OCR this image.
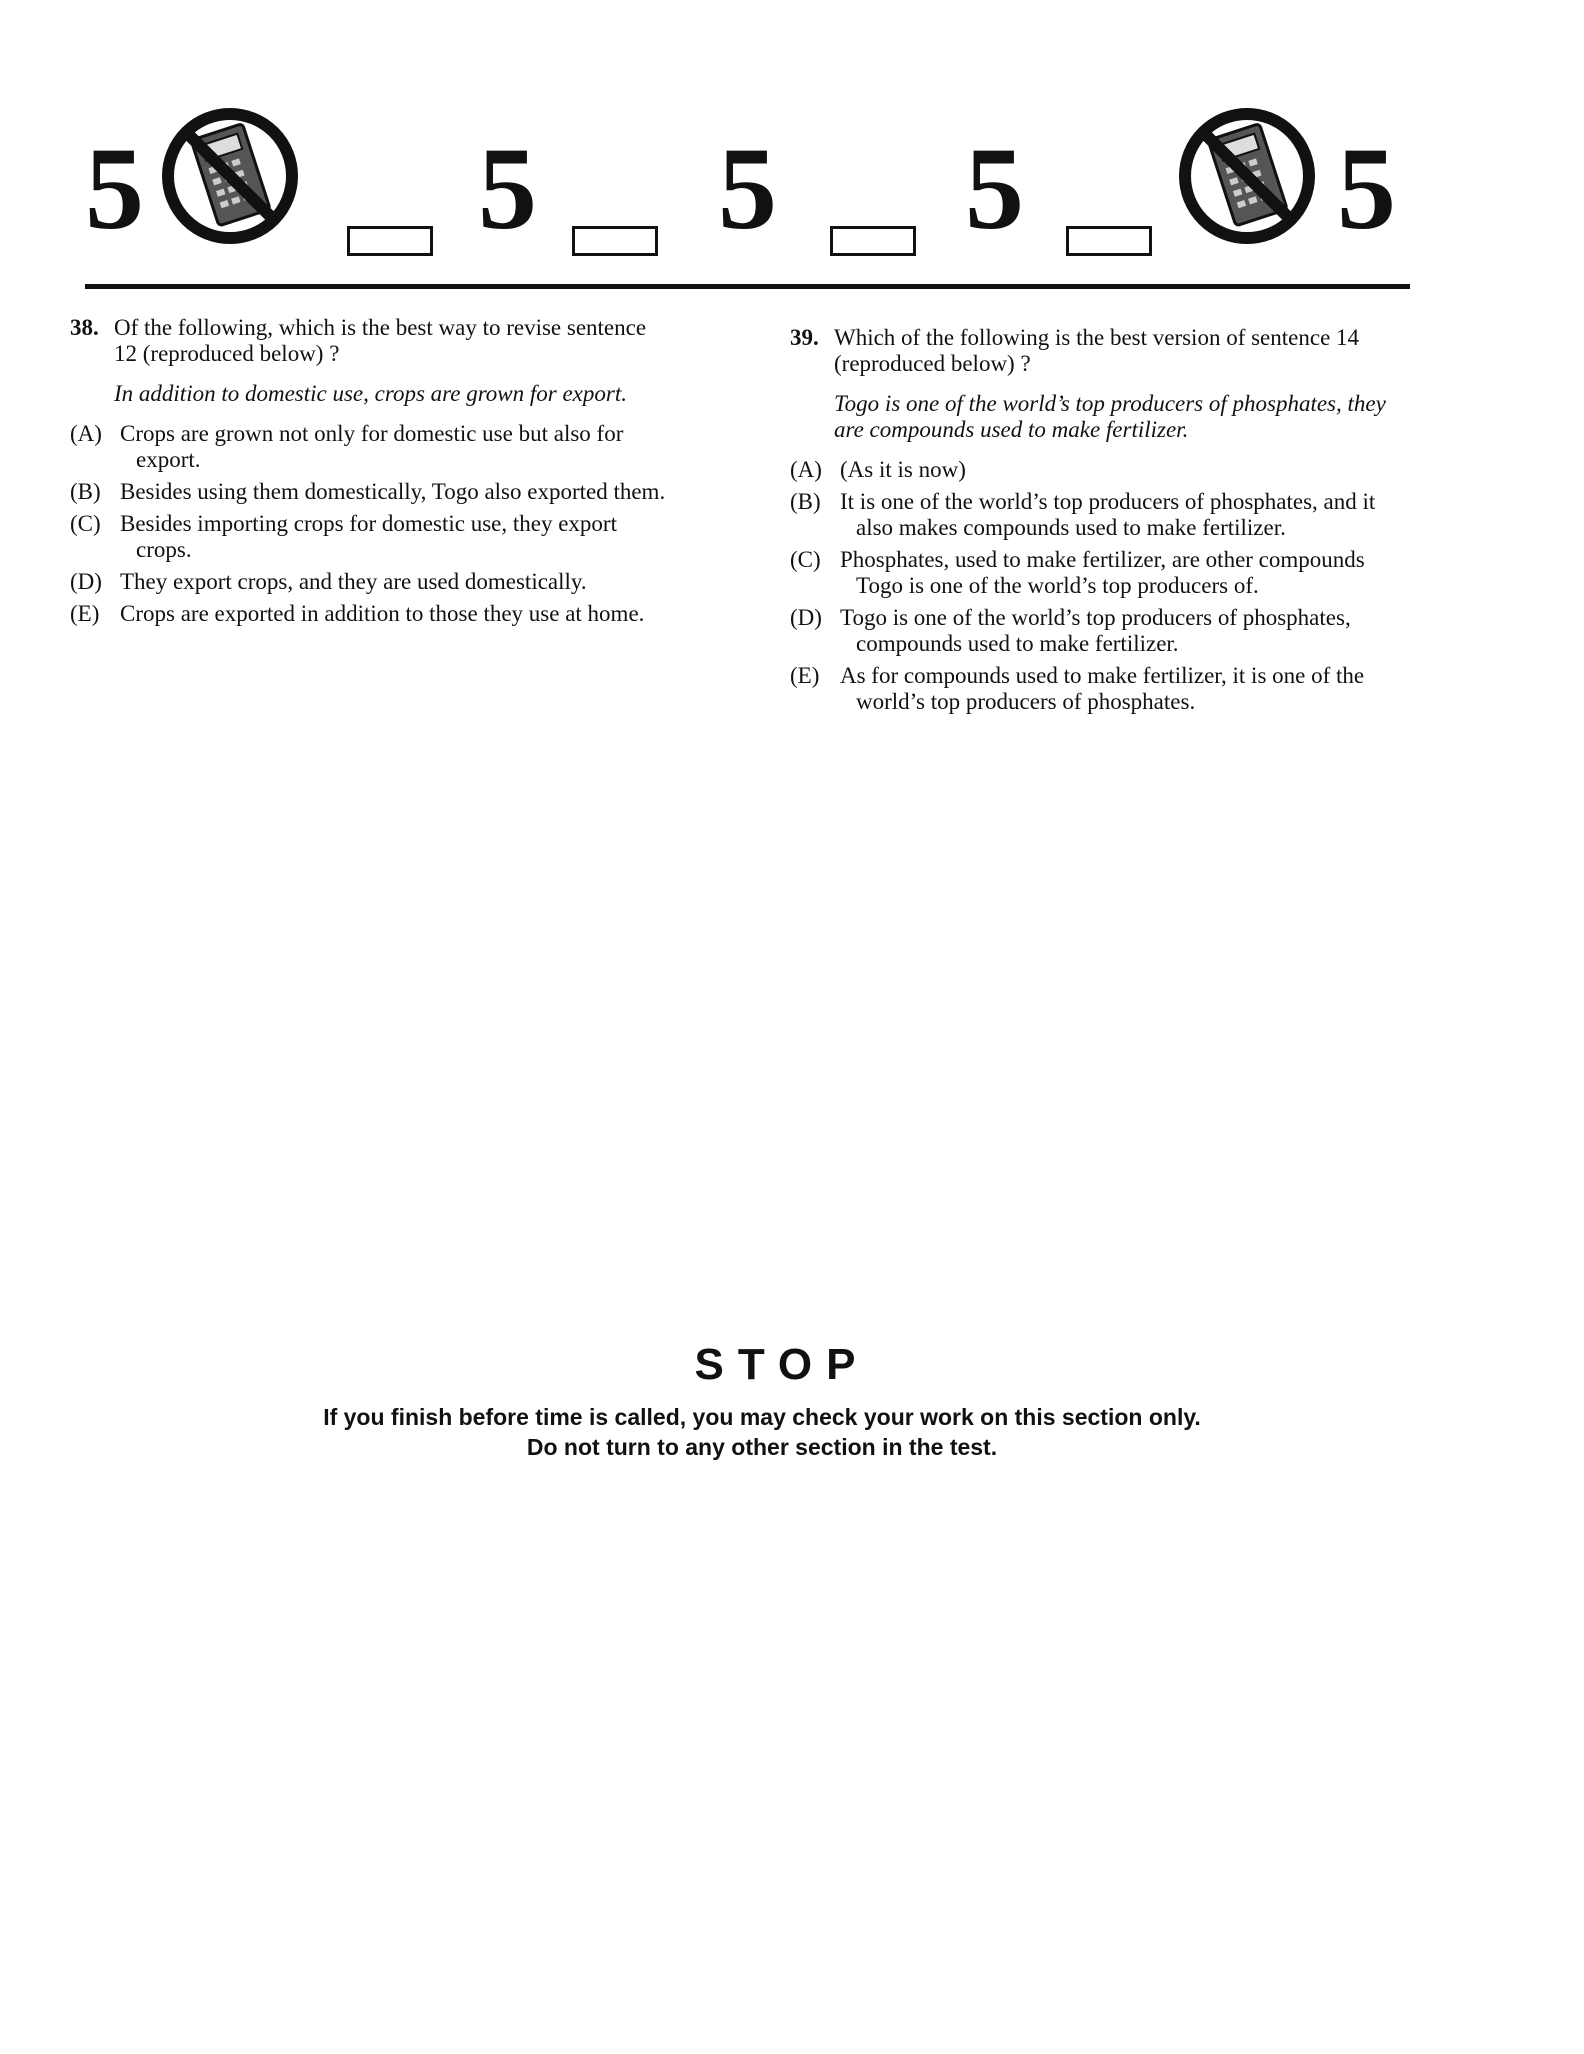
5	5 5 5	5
38. Of the following, which is the best way to revise sentence 12 (reproduced below) ?
In addition to domestic use, crops are grown for export.
(A) Crops are grown not only for domestic use but also for export.
(B) Besides using them domestically, Togo also exported them.
(C) Besides importing crops for domestic use, they export crops.
(D) They export crops, and they are used domestically.
(E) Crops are exported in addition to those they use at home.
39. Which of the following is the best version of sentence 14 (reproduced below) ?
Togo is one of the world’s top producers of phosphates, they are compounds used to make fertilizer.
(A) (As it is now)
(B) It is one of the world’s top producers of phosphates, and it also makes compounds used to make fertilizer.
(C) Phosphates, used to make fertilizer, are other compounds Togo is one of the world’s top producers of.
(D) Togo is one of the world’s top producers of phosphates, compounds used to make fertilizer.
(E) As for compounds used to make fertilizer, it is one of the world’s top producers of phosphates.
STOP
If you finish before time is called, you may check your work on this section only.
Do not turn to any other section in the test.
